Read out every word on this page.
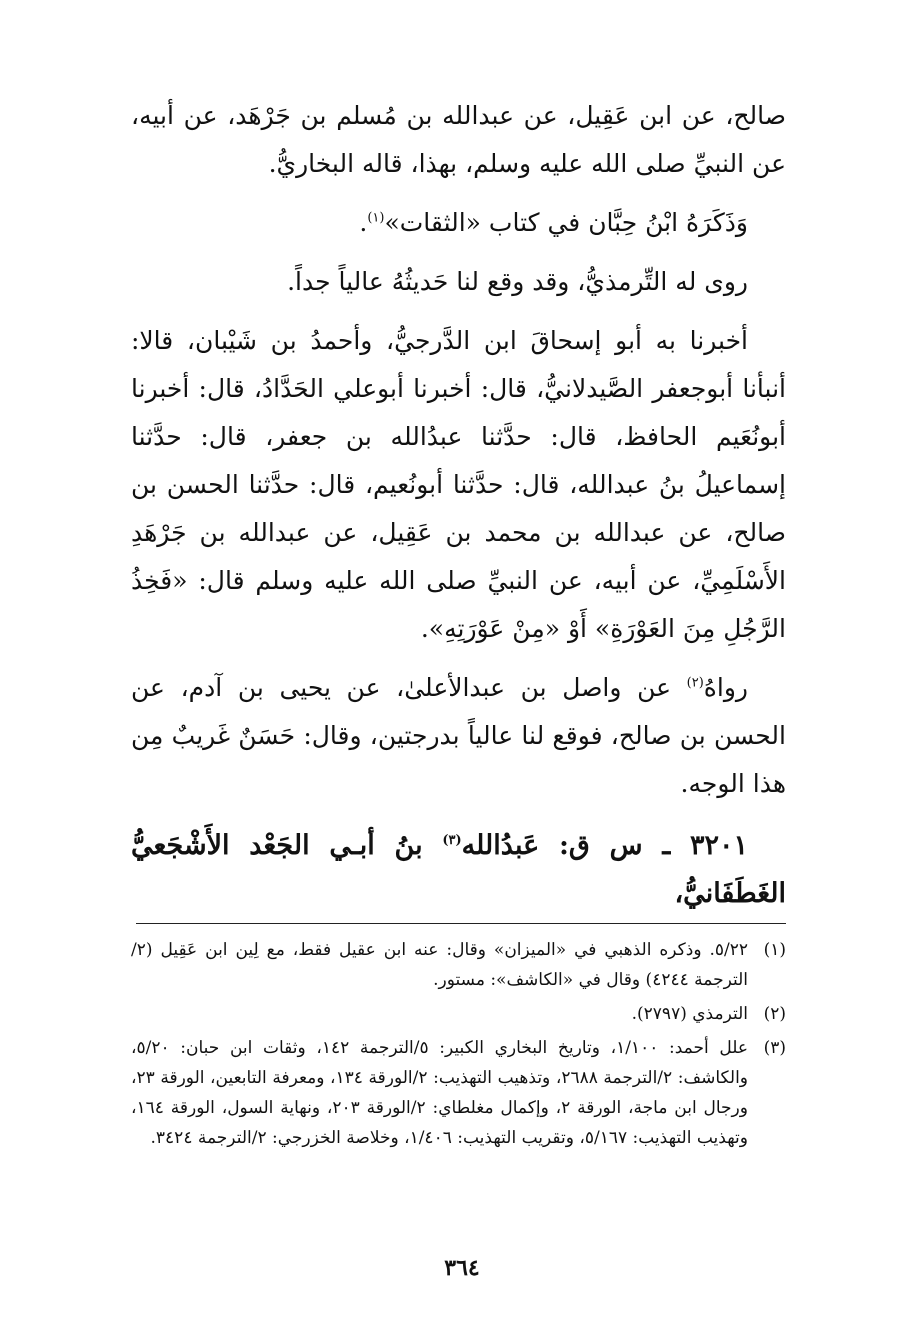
صالح، عن ابن عَقِيل، عن عبدالله بن مُسلم بن جَرْهَد، عن أبيه، عن النبيِّ صلى الله عليه وسلم، بهذا، قاله البخاريُّ.

وَذَكَرَهُ ابْنُ حِبَّان في كتاب «الثقات»$^{(١)}$.

روى له التِّرمذيُّ، وقد وقع لنا حَديثُهُ عالياً جداً.

أخبرنا به أبو إسحاقَ ابن الدَّرجيُّ، وأحمدُ بن شَيْبان، قالا: أنبأنا أبوجعفر الصَّيدلانيُّ، قال: أخبرنا أبوعلي الحَدَّادُ، قال: أخبرنا أبونُعَيم الحافظ، قال: حدَّثنا عبدُالله بن جعفر، قال: حدَّثنا إسماعيلُ بنُ عبدالله، قال: حدَّثنا أبونُعيم، قال: حدَّثنا الحسن بن صالح، عن عبدالله بن محمد بن عَقِيل، عن عبدالله بن جَرْهَدِ الأَسْلَمِيِّ، عن أبيه، عن النبيِّ صلى الله عليه وسلم قال: «فَخِذُ الرَّجُلِ مِنَ العَوْرَةِ» أَوْ «مِنْ عَوْرَتِهِ».

رواهُ$^{(٢)}$ عن واصل بن عبدالأعلىٰ، عن يحيى بن آدم، عن الحسن بن صالح، فوقع لنا عالياً بدرجتين، وقال: حَسَنٌ غَريبٌ مِن هذا الوجه.

٣٢٠١ ـ س ق: عَبدُالله$^{(٣)}$ بنُ أبـي الجَعْد الأَشْجَعيُّ الغَطَفَانيُّ،

(١)
٥/٢٢. وذكره الذهبي في «الميزان» وقال: عنه ابن عقيل فقط، مع لِين ابن عَقِيل (٢/الترجمة ٤٢٤٤) وقال في «الكاشف»: مستور.
(٢)
الترمذي (٢٧٩٧).
(٣)
علل أحمد: ١/١٠٠، وتاريخ البخاري الكبير: ٥/الترجمة ١٤٢، وثقات ابن حبان: ٥/٢٠، والكاشف: ٢/الترجمة ٢٦٨٨، وتذهيب التهذيب: ٢/الورقة ١٣٤، ومعرفة التابعين، الورقة ٢٣، ورجال ابن ماجة، الورقة ٢، وإكمال مغلطاي: ٢/الورقة ٢٠٣، ونهاية السول، الورقة ١٦٤، وتهذيب التهذيب: ٥/١٦٧، وتقريب التهذيب: ١/٤٠٦، وخلاصة الخزرجي: ٢/الترجمة ٣٤٢٤.
٣٦٤
